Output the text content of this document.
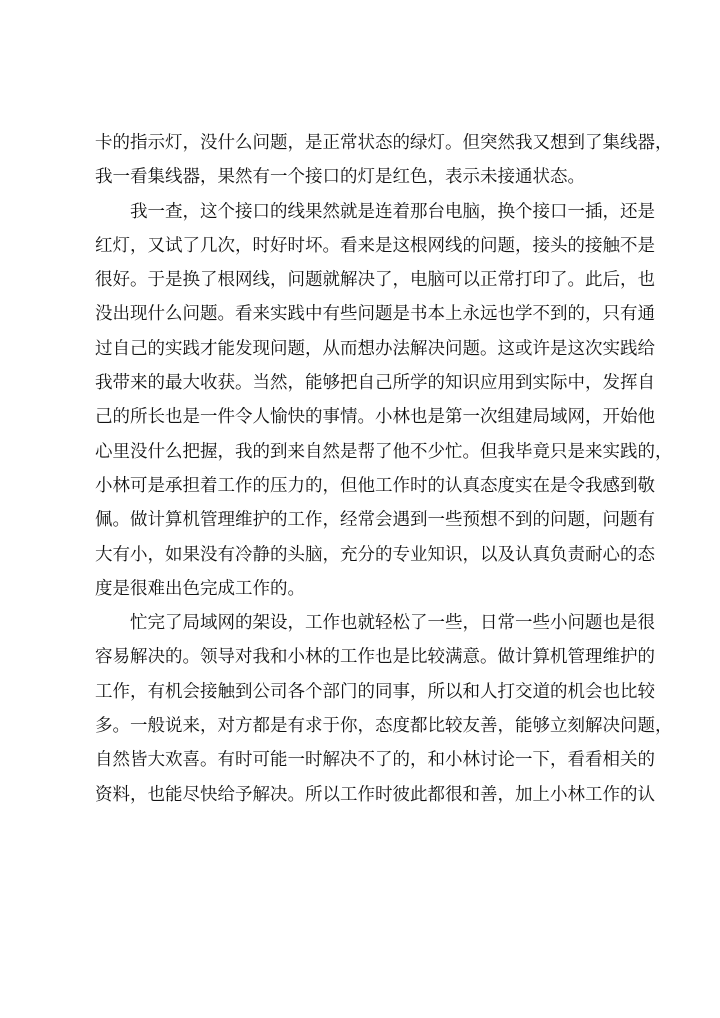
卡的指示灯，没什么问题，是正常状态的绿灯。但突然我又想到了集线器，
我一看集线器，果然有一个接口的灯是红色，表示未接通状态。
我一查，这个接口的线果然就是连着那台电脑，换个接口一插，还是
红灯，又试了几次，时好时坏。看来是这根网线的问题，接头的接触不是
很好。于是换了根网线，问题就解决了，电脑可以正常打印了。此后，也
没出现什么问题。看来实践中有些问题是书本上永远也学不到的，只有通
过自己的实践才能发现问题，从而想办法解决问题。这或许是这次实践给
我带来的最大收获。当然，能够把自己所学的知识应用到实际中，发挥自
己的所长也是一件令人愉快的事情。小林也是第一次组建局域网，开始他
心里没什么把握，我的到来自然是帮了他不少忙。但我毕竟只是来实践的，
小林可是承担着工作的压力的，但他工作时的认真态度实在是令我感到敬
佩。做计算机管理维护的工作，经常会遇到一些预想不到的问题，问题有
大有小，如果没有冷静的头脑，充分的专业知识，以及认真负责耐心的态
度是很难出色完成工作的。
忙完了局域网的架设，工作也就轻松了一些，日常一些小问题也是很
容易解决的。领导对我和小林的工作也是比较满意。做计算机管理维护的
工作，有机会接触到公司各个部门的同事，所以和人打交道的机会也比较
多。一般说来，对方都是有求于你，态度都比较友善，能够立刻解决问题，
自然皆大欢喜。有时可能一时解决不了的，和小林讨论一下，看看相关的
资料，也能尽快给予解决。所以工作时彼此都很和善，加上小林工作的认
